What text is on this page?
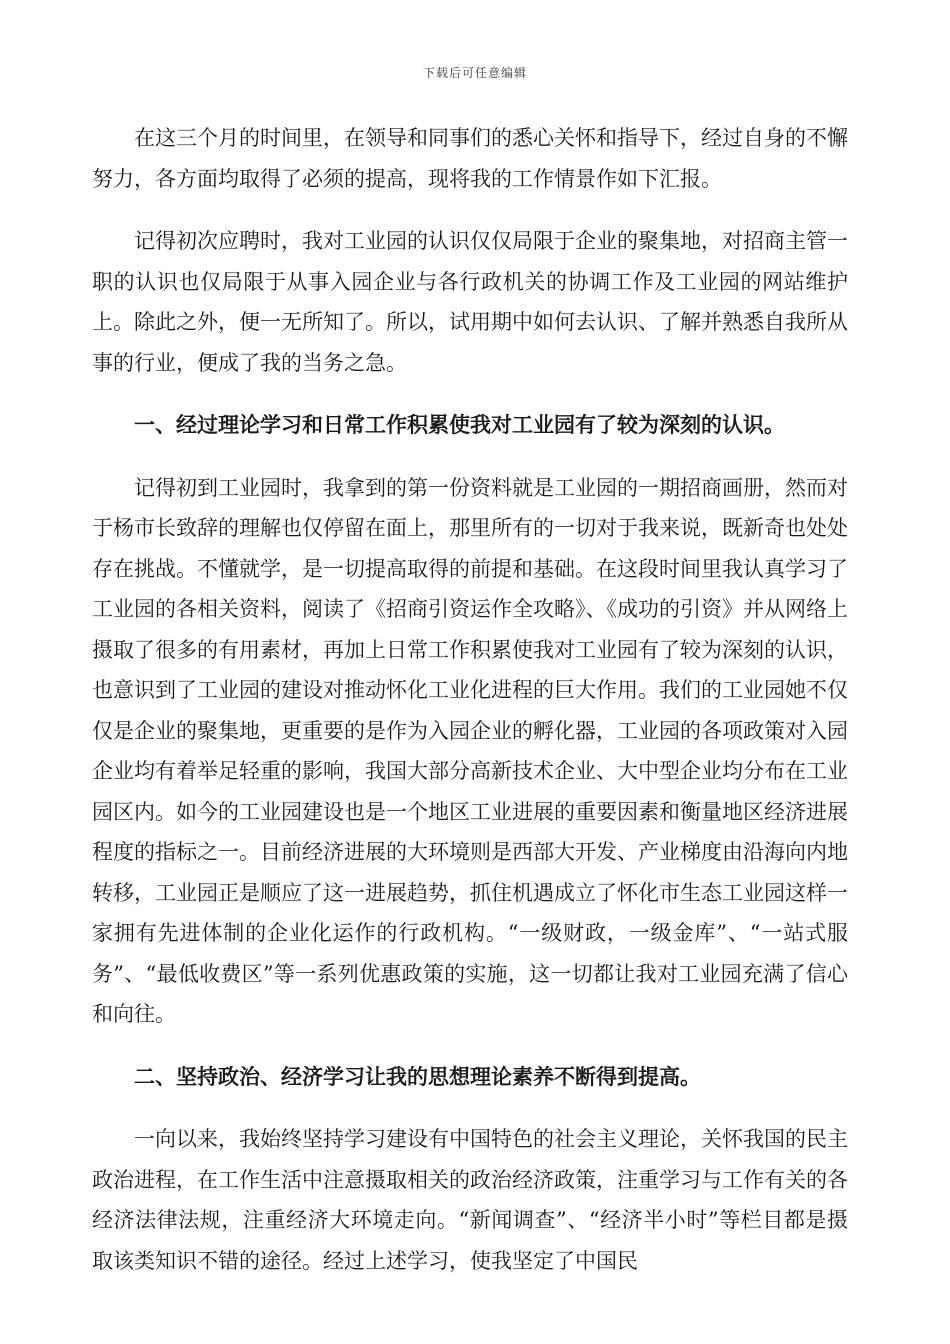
下载后可任意编辑

在这三个月的时间里，在领导和同事们的悉心关怀和指导下，经过自身的不懈努力，各方面均取得了必须的提高，现将我的工作情景作如下汇报。

记得初次应聘时，我对工业园的认识仅仅局限于企业的聚集地，对招商主管一职的认识也仅局限于从事入园企业与各行政机关的协调工作及工业园的网站维护上。除此之外，便一无所知了。所以，试用期中如何去认识、了解并熟悉自我所从事的行业，便成了我的当务之急。

一、经过理论学习和日常工作积累使我对工业园有了较为深刻的认识。

记得初到工业园时，我拿到的第一份资料就是工业园的一期招商画册，然而对于杨市长致辞的理解也仅停留在面上，那里所有的一切对于我来说，既新奇也处处存在挑战。不懂就学，是一切提高取得的前提和基础。在这段时间里我认真学习了工业园的各相关资料，阅读了《招商引资运作全攻略》、《成功的引资》并从网络上摄取了很多的有用素材，再加上日常工作积累使我对工业园有了较为深刻的认识，也意识到了工业园的建设对推动怀化工业化进程的巨大作用。我们的工业园她不仅仅是企业的聚集地，更重要的是作为入园企业的孵化器，工业园的各项政策对入园企业均有着举足轻重的影响，我国大部分高新技术企业、大中型企业均分布在工业园区内。如今的工业园建设也是一个地区工业进展的重要因素和衡量地区经济进展程度的指标之一。目前经济进展的大环境则是西部大开发、产业梯度由沿海向内地转移，工业园正是顺应了这一进展趋势，抓住机遇成立了怀化市生态工业园这样一家拥有先进体制的企业化运作的行政机构。“一级财政，一级金库”、“一站式服务”、“最低收费区”等一系列优惠政策的实施，这一切都让我对工业园充满了信心和向往。

二、坚持政治、经济学习让我的思想理论素养不断得到提高。

一向以来，我始终坚持学习建设有中国特色的社会主义理论，关怀我国的民主政治进程，在工作生活中注意摄取相关的政治经济政策，注重学习与工作有关的各经济法律法规，注重经济大环境走向。“新闻调查”、“经济半小时”等栏目都是摄取该类知识不错的途径。经过上述学习，使我坚定了中国民
